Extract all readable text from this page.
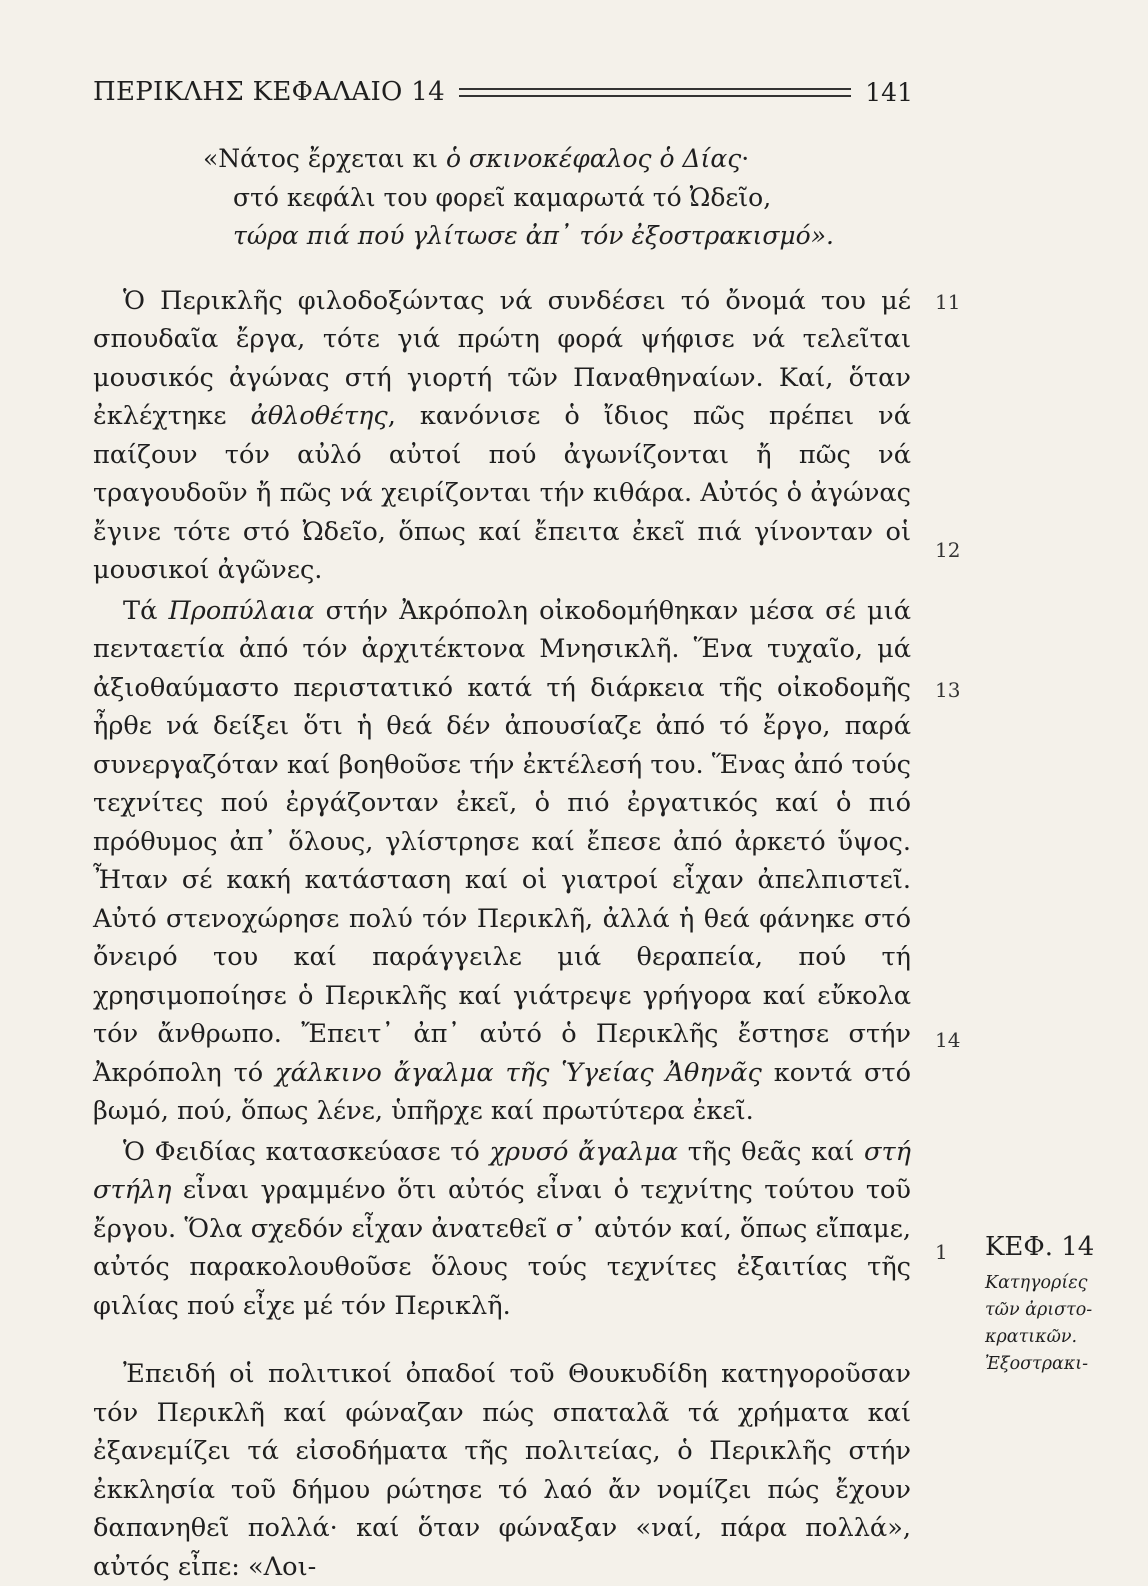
ΠΕΡΙΚΛΗΣ ΚΕΦΑΛΑΙΟ 14	141
«Νάτος ἔρχεται κι ὁ σκινοκέφαλος ὁ Δίας·
στό κεφάλι του φορεῖ καμαρωτά τό Ὠδεῖο,
τώρα πιά πού γλίτωσε ἀπ᾽ τόν ἐξοστρακισμό».

Ὁ Περικλῆς φιλοδοξώντας νά συνδέσει τό ὄνομά του μέ σπουδαῖα ἔργα, τότε γιά πρώτη φορά ψήφισε νά τελεῖται μουσικός ἀγώνας στή γιορτή τῶν Παναθηναίων. Καί, ὅταν ἐκλέχτηκε ἀθλοθέτης, κανόνισε ὁ ἴδιος πῶς πρέπει νά παίζουν τόν αὐλό αὐτοί πού ἀγωνίζονται ἤ πῶς νά τραγουδοῦν ἤ πῶς νά χειρίζονται τήν κιθάρα. Αὐτός ὁ ἀγώνας ἔγινε τότε στό Ὠδεῖο, ὅπως καί ἔπειτα ἐκεῖ πιά γίνονταν οἱ μουσικοί ἀγῶνες.

Τά Προπύλαια στήν Ἀκρόπολη οἰκοδομήθηκαν μέσα σέ μιά πενταετία ἀπό τόν ἀρχιτέκτονα Μνησικλῆ. Ἕνα τυχαῖο, μά ἀξιοθαύμαστο περιστατικό κατά τή διάρκεια τῆς οἰκοδομῆς ἦρθε νά δείξει ὅτι ἡ θεά δέν ἀπουσίαζε ἀπό τό ἔργο, παρά συνεργαζόταν καί βοηθοῦσε τήν ἐκτέλεσή του. Ἕνας ἀπό τούς τεχνίτες πού ἐργάζονταν ἐκεῖ, ὁ πιό ἐργατικός καί ὁ πιό πρόθυμος ἀπ᾽ ὅλους, γλίστρησε καί ἔπεσε ἀπό ἀρκετό ὕψος. Ἦταν σέ κακή κατάσταση καί οἱ γιατροί εἶχαν ἀπελπιστεῖ. Αὐτό στενοχώρησε πολύ τόν Περικλῆ, ἀλλά ἡ θεά φάνηκε στό ὄνειρό του καί παράγγειλε μιά θεραπεία, πού τή χρησιμοποίησε ὁ Περικλῆς καί γιάτρεψε γρήγορα καί εὔκολα τόν ἄνθρωπο. Ἔπειτ᾽ ἀπ᾽ αὐτό ὁ Περικλῆς ἔστησε στήν Ἀκρόπολη τό χάλκινο ἄγαλμα τῆς Ὑγείας Ἀθηνᾶς κοντά στό βωμό, πού, ὅπως λένε, ὑπῆρχε καί πρωτύτερα ἐκεῖ.

Ὁ Φειδίας κατασκεύασε τό χρυσό ἄγαλμα τῆς θεᾶς καί στή στήλη εἶναι γραμμένο ὅτι αὐτός εἶναι ὁ τεχνίτης τούτου τοῦ ἔργου. Ὅλα σχεδόν εἶχαν ἀνατεθεῖ σ᾽ αὐτόν καί, ὅπως εἴπαμε, αὐτός παρακολουθοῦσε ὅλους τούς τεχνίτες ἐξαιτίας τῆς φιλίας πού εἶχε μέ τόν Περικλῆ.

Ἐπειδή οἱ πολιτικοί ὀπαδοί τοῦ Θουκυδίδη κατηγοροῦσαν τόν Περικλῆ καί φώναζαν πώς σπαταλᾶ τά χρήματα καί ἐξανεμίζει τά εἰσοδήματα τῆς πολιτείας, ὁ Περικλῆς στήν ἐκκλησία τοῦ δήμου ρώτησε τό λαό ἄν νομίζει πώς ἔχουν δαπανηθεῖ πολλά· καί ὅταν φώναξαν «ναί, πάρα πολλά», αὐτός εἶπε: «Λοι-

11
12
13
14
1 ΚΕΦ. 14
Κατηγορίες
τῶν ἀριστο-
κρατικῶν.
Ἐξοστρακι-
